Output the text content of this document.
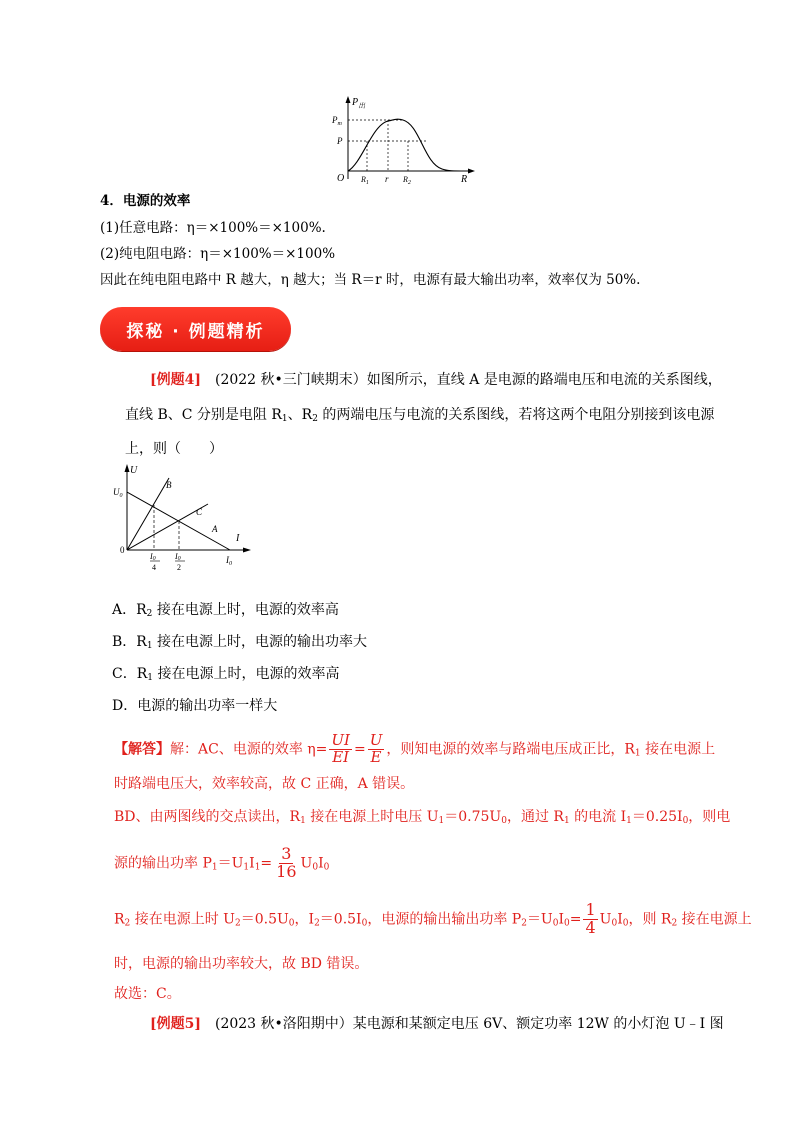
$P_出$
$P_m$
P
O $R_1$ r $R_2$	R
4．电源的效率
(1)任意电路：η＝×100%＝×100%.
(2)纯电阻电路：η＝×100%＝×100%
因此在纯电阻电路中 R 越大，η 越大；当 R＝r 时，电源有最大输出功率，效率仅为 50%.
探秘 · 例题精析
[例题4]　(2022 秋•三门峡期末）如图所示，直线 A 是电源的路端电压和电流的关系图线，
直线 B、C 分别是电阻 $R_1$、$R_2$ 的两端电压与电流的关系图线，若将这两个电阻分别接到该电源
上，则（　　）
U
$U_0$
B
C
A
I
0
I0
4
I0
2
$I_0$
A．$R_2$ 接在电源上时，电源的效率高
B．$R_1$ 接在电源上时，电源的输出功率大
C．$R_1$ 接在电源上时，电源的效率高
D．电源的输出功率一样大
【解答】解：AC、电源的效率 $\eta= \frac{UI}{EI} = \frac{U}{E}$ ，则知电源的效率与路端电压成正比，$R_1$ 接在电源上
时路端电压大，效率较高，故 C 正确，A 错误。
BD、由两图线的交点读出，$R_1$ 接在电源上时电压 $U_1=0.75U_0$，通过 $R_1$ 的电流 $I_1=0.25I_0$，则电
源的输出功率 $P_1=U_1I_1= \frac{3}{16} U_0I_0$
$R_2$ 接在电源上时 $U_2=0.5U_0$，$I_2=0.5I_0$，电源的输出输出功率 $P_2=U_0I_0= \frac{1}{4} U_0I_0$，则 $R_2$ 接在电源上
时，电源的输出功率较大，故 BD 错误。
故选：C。
[例题5]　(2023 秋•洛阳期中）某电源和某额定电压 6V、额定功率 12W 的小灯泡 U﹣I 图
